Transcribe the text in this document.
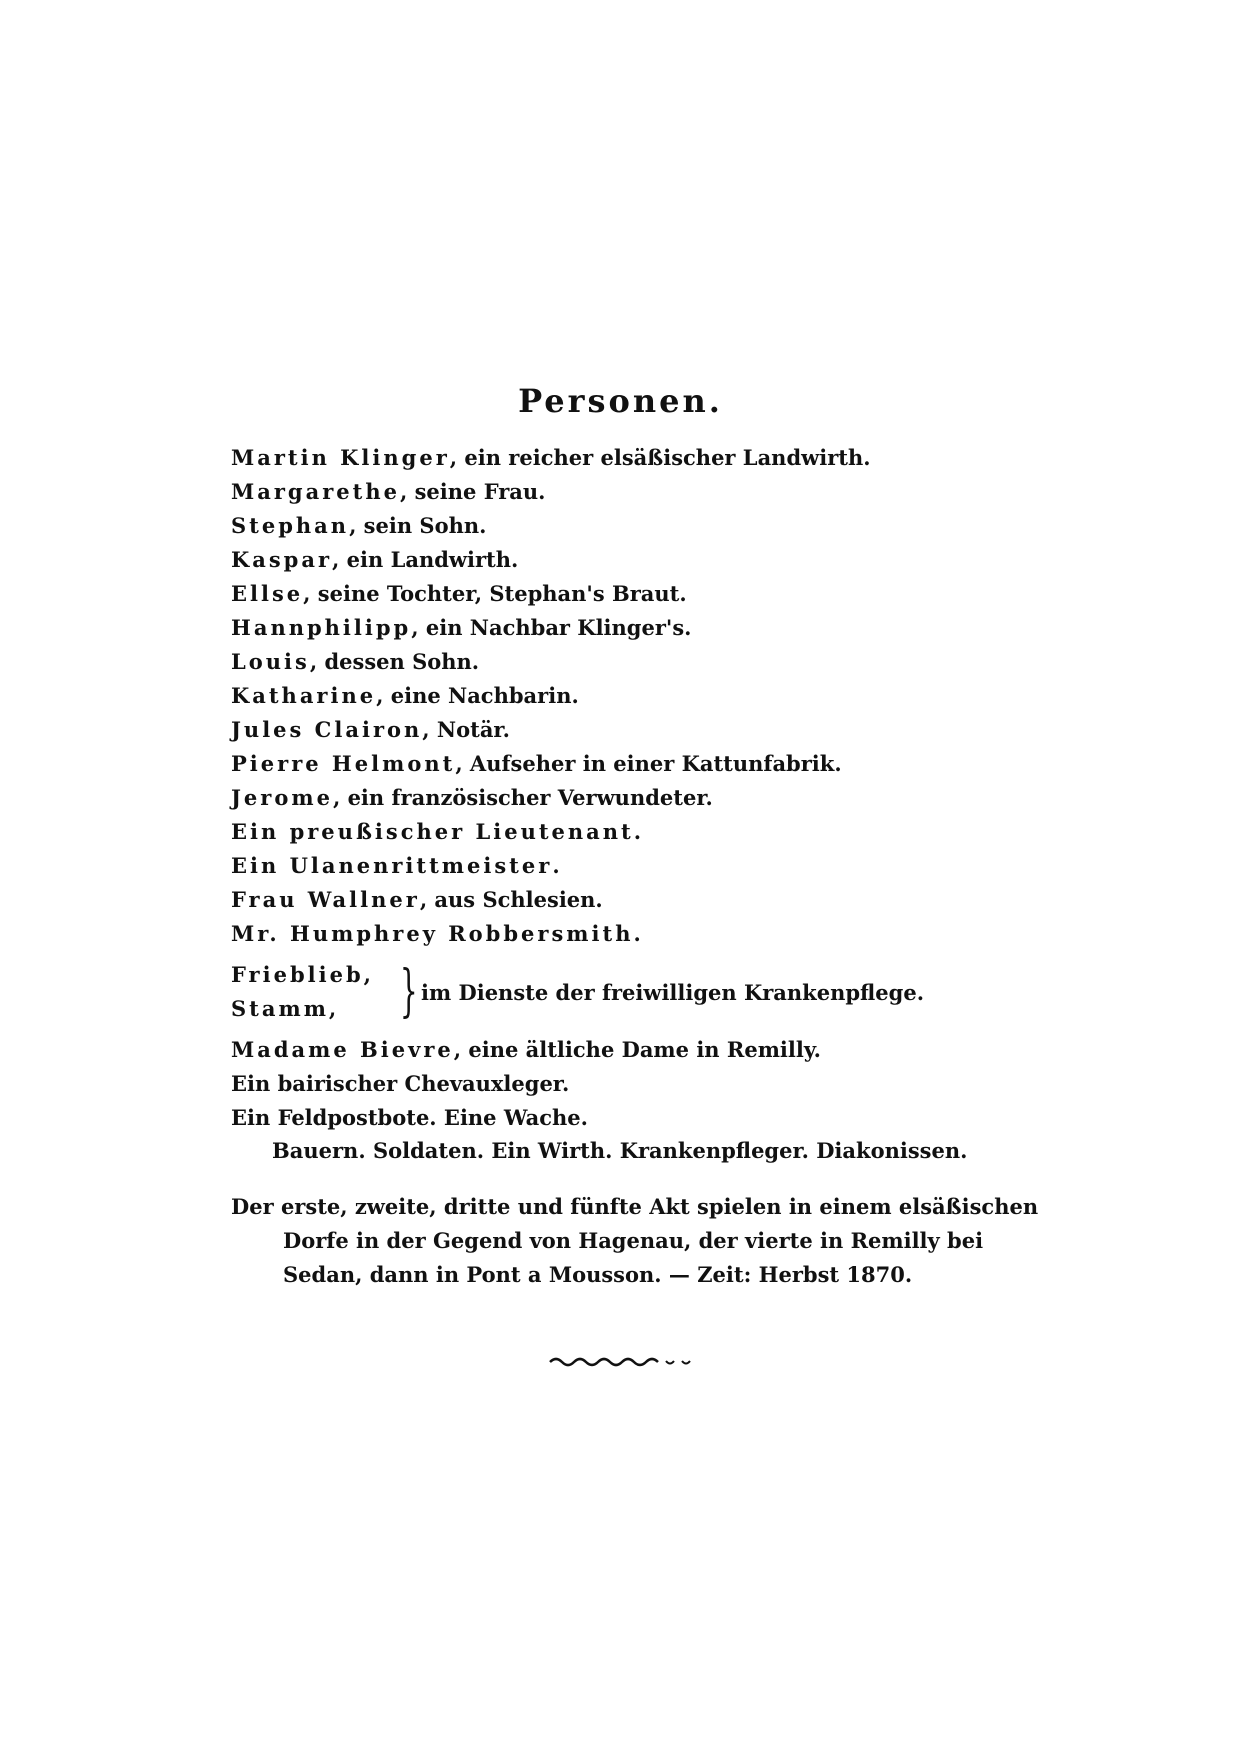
Personen.
Martin Klinger, ein reicher elsäßischer Landwirth.
Margarethe, seine Frau.
Stephan, sein Sohn.
Kaspar, ein Landwirth.
Ellse, seine Tochter, Stephan's Braut.
Hannphilipp, ein Nachbar Klinger's.
Louis, dessen Sohn.
Katharine, eine Nachbarin.
Jules Clairon, Notär.
Pierre Helmont, Aufseher in einer Kattunfabrik.
Jerome, ein französischer Verwundeter.
Ein preußischer Lieutenant.
Ein Ulanenrittmeister.
Frau Wallner, aus Schlesien.
Mr. Humphrey Robbersmith.
Frieblieb,
Stamm, } im Dienste der freiwilligen Krankenpflege.
Madame Bievre, eine ältliche Dame in Remilly.
Ein bairischer Chevauxleger.
Ein Feldpostbote. Eine Wache.
Bauern. Soldaten. Ein Wirth. Krankenpfleger. Diakonissen.
Der erste, zweite, dritte und fünfte Akt spielen in einem elsäßischen
Dorfe in der Gegend von Hagenau, der vierte in Remilly bei
Sedan, dann in Pont a Mousson. — Zeit: Herbst 1870.
